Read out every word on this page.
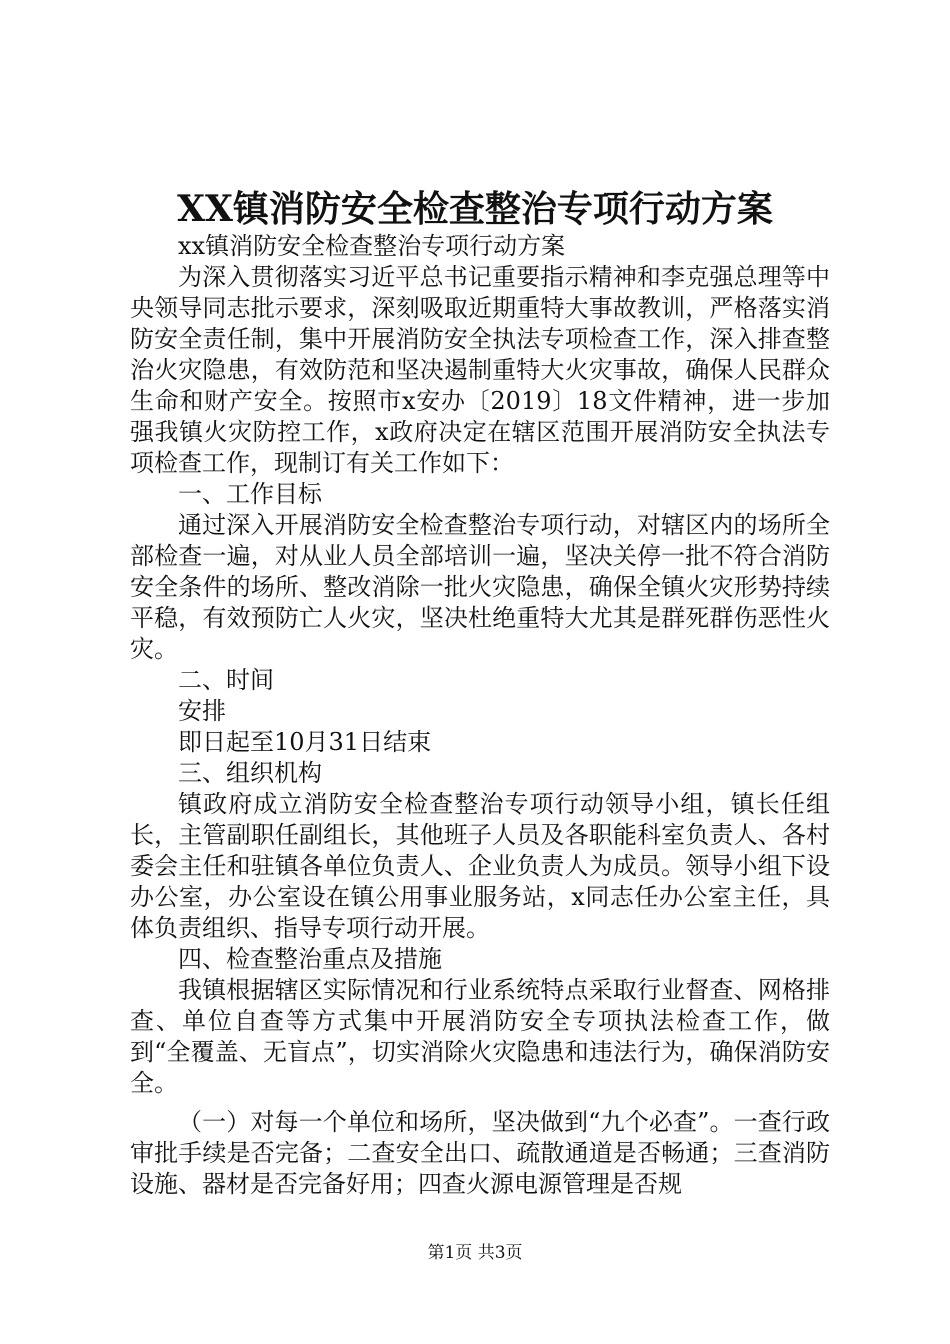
XX镇消防安全检查整治专项行动方案

xx镇消防安全检查整治专项行动方案

为深入贯彻落实习近平总书记重要指示精神和李克强总理等中央领导同志批示要求，深刻吸取近期重特大事故教训，严格落实消防安全责任制，集中开展消防安全执法专项检查工作，深入排查整治火灾隐患，有效防范和坚决遏制重特大火灾事故，确保人民群众生命和财产安全。按照市x安办〔2019〕18文件精神，进一步加强我镇火灾防控工作，x政府决定在辖区范围开展消防安全执法专项检查工作，现制订有关工作如下：

一、工作目标

通过深入开展消防安全检查整治专项行动，对辖区内的场所全部检查一遍，对从业人员全部培训一遍，坚决关停一批不符合消防安全条件的场所、整改消除一批火灾隐患，确保全镇火灾形势持续平稳，有效预防亡人火灾，坚决杜绝重特大尤其是群死群伤恶性火灾。

二、时间

安排

即日起至10月31日结束

三、组织机构

镇政府成立消防安全检查整治专项行动领导小组，镇长任组长，主管副职任副组长，其他班子人员及各职能科室负责人、各村委会主任和驻镇各单位负责人、企业负责人为成员。领导小组下设办公室，办公室设在镇公用事业服务站，x同志任办公室主任，具体负责组织、指导专项行动开展。

四、检查整治重点及措施

我镇根据辖区实际情况和行业系统特点采取行业督查、网格排查、单位自查等方式集中开展消防安全专项执法检查工作，做到“全覆盖、无盲点”，切实消除火灾隐患和违法行为，确保消防安全。

（一）对每一个单位和场所，坚决做到“九个必查”。一查行政审批手续是否完备；二查安全出口、疏散通道是否畅通；三查消防设施、器材是否完备好用；四查火源电源管理是否规

第1页 共3页
